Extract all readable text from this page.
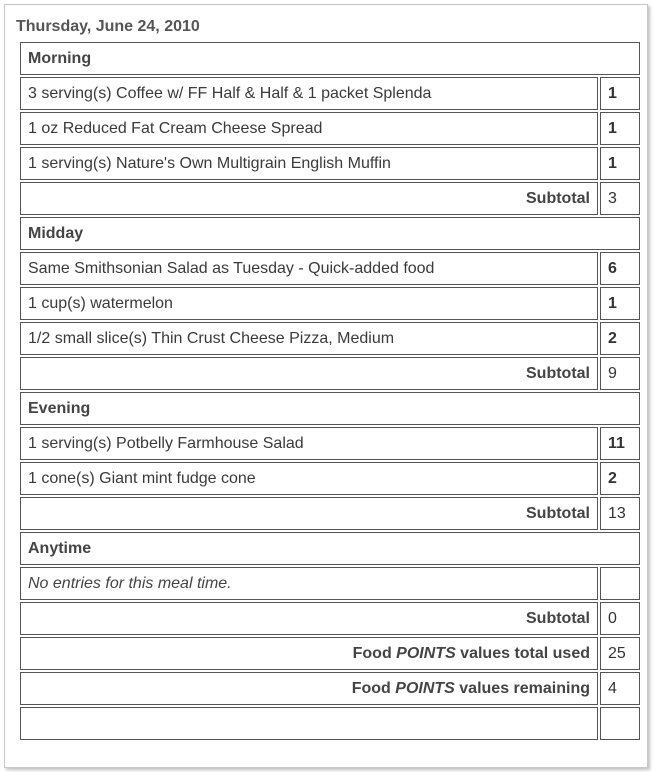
Thursday, June 24, 2010
Morning	
3 serving(s) Coffee w/ FF Half & Half & 1 packet Splenda	1
1 oz Reduced Fat Cream Cheese Spread	1
1 serving(s) Nature's Own Multigrain English Muffin	1
Subtotal	3
Midday	
Same Smithsonian Salad as Tuesday - Quick-added food	6
1 cup(s) watermelon	1
1/2 small slice(s) Thin Crust Cheese Pizza, Medium	2
Subtotal	9
Evening	
1 serving(s) Potbelly Farmhouse Salad	11
1 cone(s) Giant mint fudge cone	2
Subtotal	13
Anytime	
No entries for this meal time.	
Subtotal	0
Food POINTS values total used	25
Food POINTS values remaining	4
